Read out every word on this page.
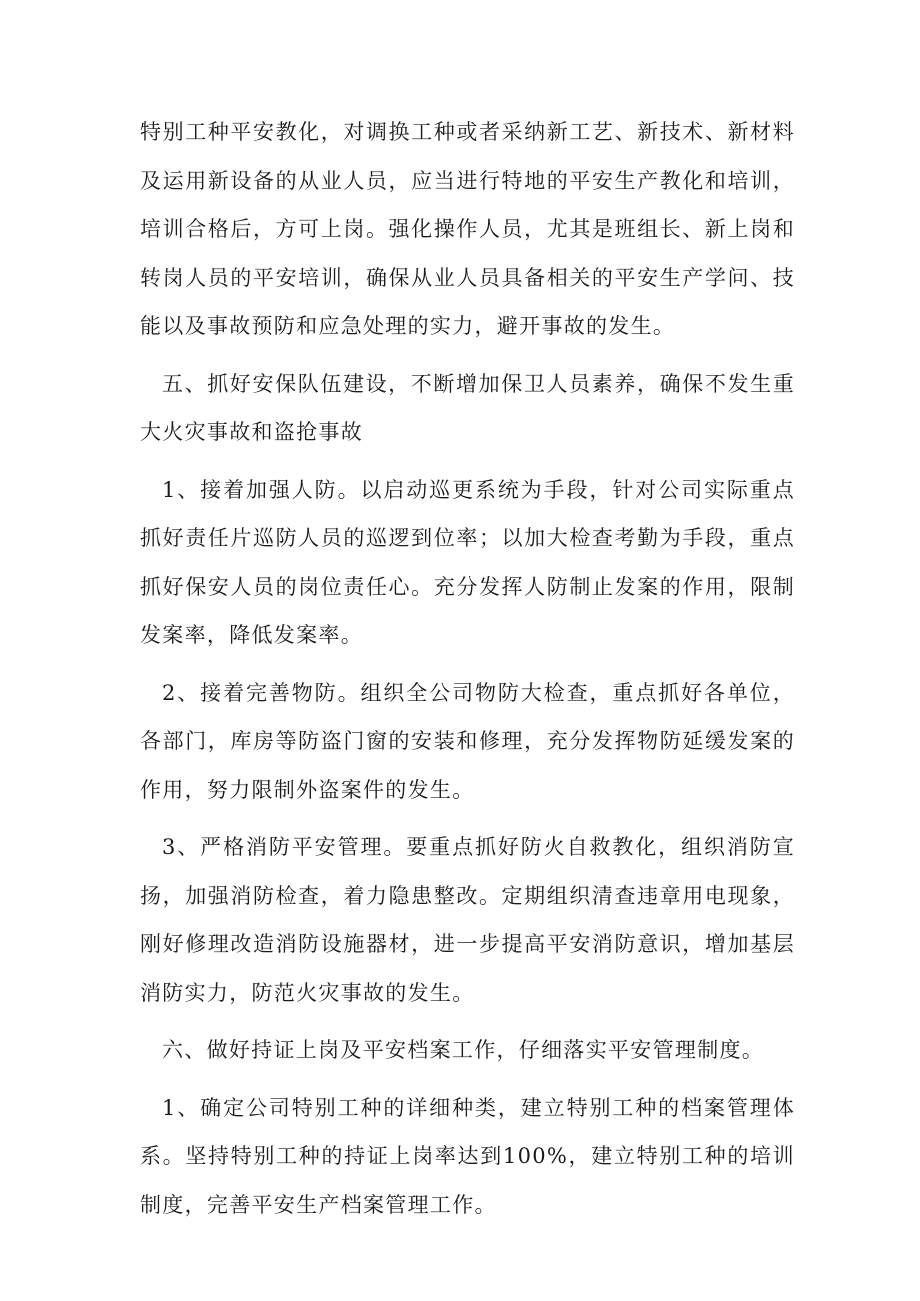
特别工种平安教化，对调换工种或者采纳新工艺、新技术、新材料及运用新设备的从业人员，应当进行特地的平安生产教化和培训，培训合格后，方可上岗。强化操作人员，尤其是班组长、新上岗和转岗人员的平安培训，确保从业人员具备相关的平安生产学问、技能以及事故预防和应急处理的实力，避开事故的发生。

五、抓好安保队伍建设，不断增加保卫人员素养，确保不发生重大火灾事故和盗抢事故

1、接着加强人防。以启动巡更系统为手段，针对公司实际重点抓好责任片巡防人员的巡逻到位率；以加大检查考勤为手段，重点抓好保安人员的岗位责任心。充分发挥人防制止发案的作用，限制发案率，降低发案率。

2、接着完善物防。组织全公司物防大检查，重点抓好各单位，各部门，库房等防盗门窗的安装和修理，充分发挥物防延缓发案的作用，努力限制外盗案件的发生。

3、严格消防平安管理。要重点抓好防火自救教化，组织消防宣扬，加强消防检查，着力隐患整改。定期组织清查违章用电现象，刚好修理改造消防设施器材，进一步提高平安消防意识，增加基层消防实力，防范火灾事故的发生。

六、做好持证上岗及平安档案工作，仔细落实平安管理制度。

1、确定公司特别工种的详细种类，建立特别工种的档案管理体系。坚持特别工种的持证上岗率达到100%，建立特别工种的培训制度，完善平安生产档案管理工作。
